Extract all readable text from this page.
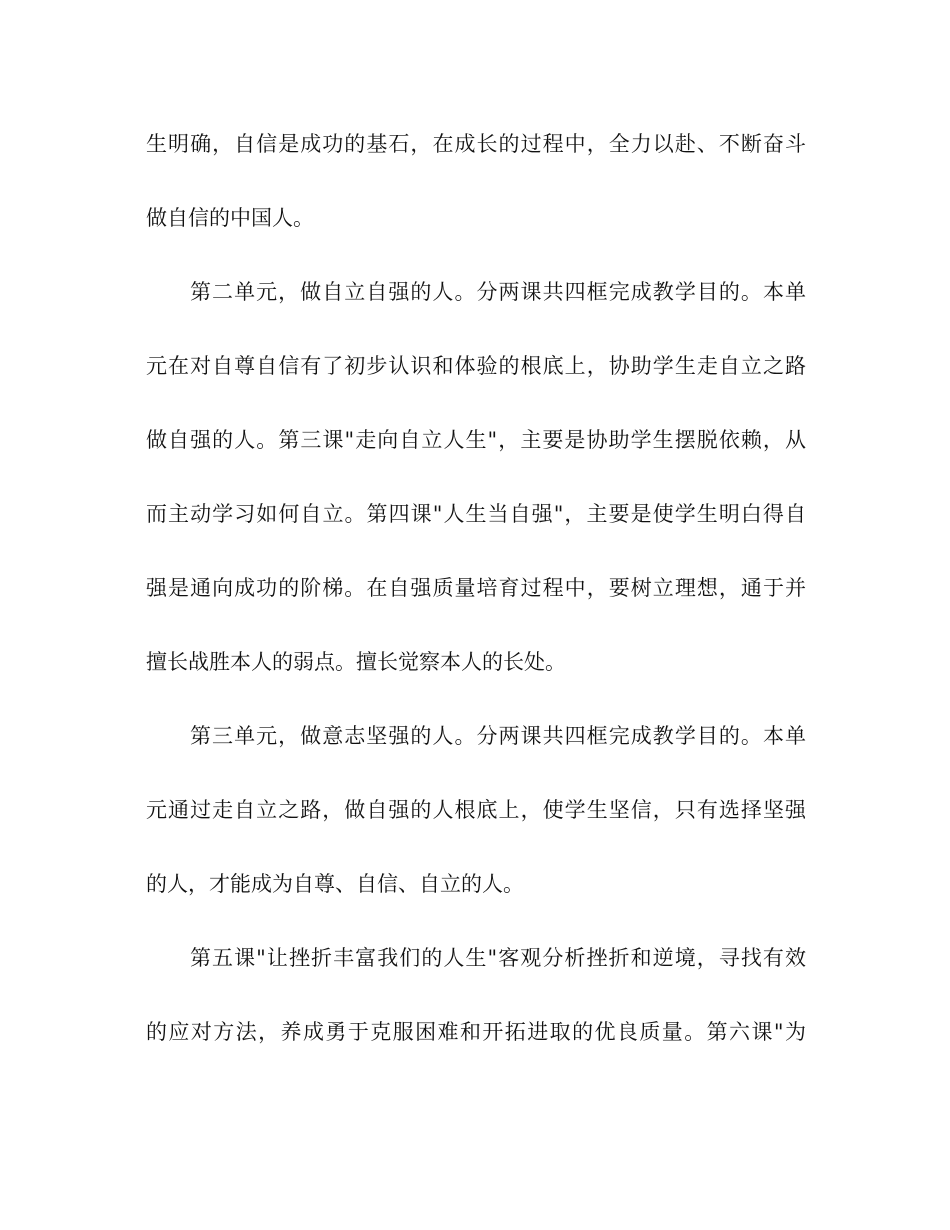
生明确，自信是成功的基石，在成长的过程中，全力以赴、不断奋斗
做自信的中国人。
第二单元，做自立自强的人。分两课共四框完成教学目的。本单
元在对自尊自信有了初步认识和体验的根底上，协助学生走自立之路
做自强的人。第三课"走向自立人生"，主要是协助学生摆脱依赖，从
而主动学习如何自立。第四课"人生当自强"，主要是使学生明白得自
强是通向成功的阶梯。在自强质量培育过程中，要树立理想，通于并
擅长战胜本人的弱点。擅长觉察本人的长处。
第三单元，做意志坚强的人。分两课共四框完成教学目的。本单
元通过走自立之路，做自强的人根底上，使学生坚信，只有选择坚强
的人，才能成为自尊、自信、自立的人。
第五课"让挫折丰富我们的人生"客观分析挫折和逆境，寻找有效
的应对方法，养成勇于克服困难和开拓进取的优良质量。第六课"为
